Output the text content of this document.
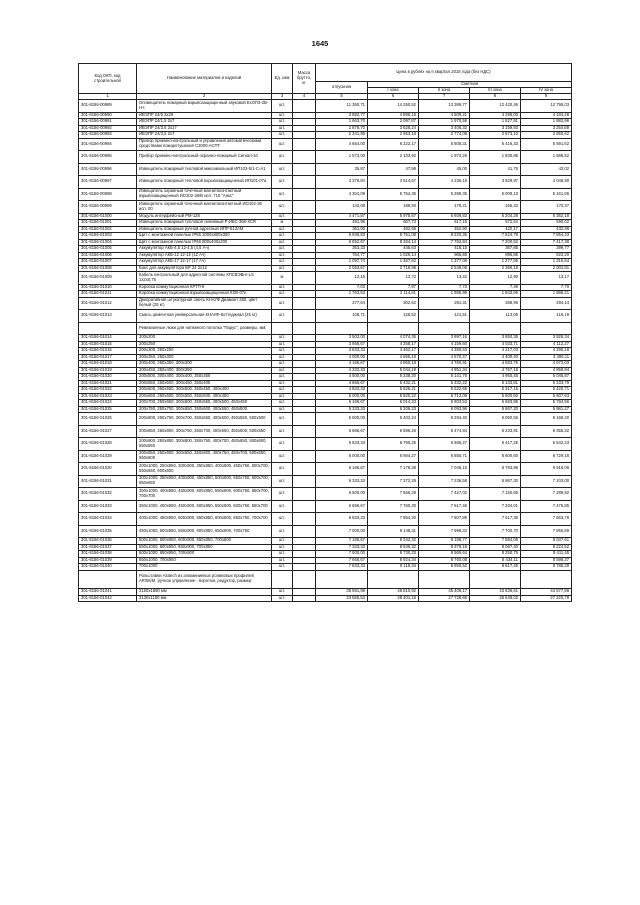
1645
Код ОКП, код строительной	Наименование материалов и изделий	Ед. изм	Масса брутто, кг	Цена в рублях на II квартал 2018 года (без НДС)				
				отпускная	Сметная			
					I зона	II зона	III зона	IV зона
1	2	3	4	5	6	7	8	9
301-8156-00989	Оповещатель пожарный взрывозащищенный звуковой ExOП3-2В-Н-t	шт.		11 360,71	14 250,52	13 389,77	12 420,46	12 795,03
301-8156-00990	ИВЭПР 24/5 2х26	шт.		3 882,77	4 896,15	4 509,21	4 296,00	4 184,48
301-8156-00991	ИВЭПР 24/1,5 2х7	шт.		1 663,70	2 097,87	1 970,58	1 827,91	1 882,96
301-8156-00992	ИВЭПР 24/3,5 2х17	шт.		2 876,70	3 628,24	3 406,32	3 159,93	3 254,69
301-8156-00993	ИВЭПР 24/3,5 2х7	шт.		2 341,95	2 953,18	2 774,08	2 573,10	2 650,62
301-8156-00994	Прибор приемно-контрольный и управления автоматическими средствами пожаротушения С2000-АСПТ	шт.		4 654,00	6 222,17	5 808,31	5 416,33	5 591,62
301-8156-00995	Прибор приемно-контрольный охранно-пожарный Сигнал-10	шт.		1 573,00	2 103,92	1 973,28	1 830,86	1 886,52
301-8156-00996	Извещатель пожарный тепловой максимальный ИП103-5/1-С-А1	шт.		35,87	47,98	45,00	41,75	43,02
301-8156-00997	Извещатель пожарный тепловой взрывозащищенный ИП101-07а	шт.		3 376,84	4 514,67	4 236,15	3 929,97	4 048,90
301-8156-00998	Извещатель охранный точечный магнитоконтактный взрывозащищенный ИО102-26/В исп. 710 "Аякс"	шт.		4 304,09	5 754,35	5 399,35	5 009,10	5 161,06
301-8156-00999	Извещатель охранный точечный магнитоконтактный ИО102-36 исп. 00	шт.		142,08	189,93	178,21	165,33	170,37
301-8156-01000	Модуль интерфейсный РМ-128	шт.		4 471,87	5 978,67	5 609,83	5 204,28	5 362,18
301-8156-01001	Извещатель пожарный тепловой линейный Р-ИБС-356-ХСR	м		491,96	657,73	617,15	572,54	590,02
301-8156-01002	Извещатель пожарный ручной адресный ИПР-513АМ	шт.		361,00	482,66	452,90	420,17	432,99
301-8156-01003	Щит с монтажной панелью IP65 1000х800х300	шт.		6 939,83	8 751,08	8 220,36	7 624,79	7 854,43
301-8156-01004	Щит с монтажной панелью IP66 800х400х200	шт.		6 552,67	8 264,14	7 762,94	7 200,52	7 417,38
301-8156-01005	Аккумулятор АКБ-4,5 12-4,5 (4,5 Ач)	шт.		353,33	445,63	418,15	387,85	399,77
301-8156-01006	Аккумулятор АКБ-12 12-12 (12 Ач)	шт.		764,77	1 029,14	965,65	895,86	923,20
301-8156-01007	Аккумулятор АКБ-17 12-17 (17 Ач)	шт.		1 097,74	1 467,62	1 377,08	1 277,55	1 316,54
301-8156-01008	Бокс для аккумулятора БР 24 2х12	шт.		2 053,67	2 718,98	2 549,06	2 366,19	2 002,81
301-8156-01009	Кабель контрольный для адресной системы КПСВЭВнг-LS 1х2х0,75	м		12,15	13,72	13,42	12,90	13,17
301-8156-01010	Коробка коммутационная КРТП-8	шт.		7,03	7,87	7,73	7,49	7,70
301-8156-01011	Коробка коммутационная взрывозащищенная КХВ-07е	шт.		1 763,53	2 114,61	1 986,99	1 843,65	1 898,21
301-8156-01012	Декоративная штукатурная смесь КНАУФ Диамант 260, цвет белый (25 кг)	шт.		277,64	302,62	291,31	288,95	294,14
301-8156-01013	Смесь цементная универсальная КНАУФ-Коттеджная (25 кг)	шт.		108,71	128,52	121,51	113,06	116,19
	Ревизионные люки для натяжного потолка "Парус", размеры, мм:							
301-8156-01014	200х200	шт.		3 503,00	4 074,35	3 997,16	3 850,35	3 926,34
301-8156-01015	200х250	шт.		3 666,67	4 258,17	4 159,60	4 033,71	4 112,27
301-8156-01016	200х300, 250х250	шт.		3 833,33	4 462,17	4 380,63	4 217,03	4 299,18
301-8156-01017	200х350, 250х300	шт.		4 000,00	4 656,18	4 570,47	4 400,40	4 486,11
301-8156-01018	200х400, 250х350, 300х300	шт.		4 166,67	4 850,18	4 760,91	4 583,76	4 673,03
301-8156-01019	200х450, 250х400, 300х350	шт.		4 333,33	5 044,19	4 951,34	4 767,18	4 859,94
301-8156-01020	200х500, 300х400, 300х400, 350х350	шт.		4 500,00	5 238,20	5 141,78	4 950,45	5 046,87
301-8156-01021	200х550, 250х500, 300х450, 350х400	шт.		4 666,67	5 432,21	5 332,22	5 133,81	5 233,79
301-8156-01022	200х600, 250х550, 300х500, 350х450, 400х400	шт.		4 833,33	5 626,21	5 522,65	5 317,15	5 420,71
301-8156-01023	200х650, 250х600, 300х550, 350х500, 400х450	шт.		5 000,00	5 820,22	5 713,09	5 500,50	5 607,63
301-8156-01024	200х700, 250х650, 300х600, 350х550, 400х500, 450х450	шт.		5 166,67	6 014,23	5 903,53	5 683,86	5 794,56
301-8156-01025	200х750, 250х700, 300х650, 350х600, 400х550, 450х500	шт.		5 333,33	6 208,23	6 093,96	5 867,20	5 981,47
301-8156-01026	200х800, 250х750, 300х700, 350х650, 400х600, 450х550, 500х500	шт.		5 500,00	6 402,24	6 284,40	6 050,55	6 168,40
301-8156-01027	200х850, 250х800, 300х750, 350х700, 400х650, 450х600, 500х550	шт.		5 666,67	6 596,25	6 474,84	6 233,91	6 355,32
301-8156-01028	200х900, 250х850, 300х800, 350х750, 400х700, 450х650, 500х600, 550х550	шт.		5 833,33	6 790,25	6 665,27	6 417,25	6 542,23
301-8156-01029	200х950, 250х900, 300х850, 350х800, 400х750, 450х700, 500х650, 550х600	шт.		6 000,00	6 984,27	6 855,71	6 600,60	6 729,16
301-8156-01030	200х1000, 250х950, 300х900, 350х850, 400х800, 450х750, 500х700, 550х650, 600х600	шт.		6 166,67	7 178,28	7 046,15	6 783,96	6 916,08
301-8156-01031	300х1000, 350х950, 400х900, 450х850, 500х800, 550х750, 600х700, 650х650	шт.		6 333,33	7 372,28	7 236,58	6 967,30	7 103,00
301-8156-01032	350х1000, 400х950, 450х900, 500х850, 550х800, 600х750, 650х700, 700х700	шт.		6 500,00	7 566,29	7 427,02	7 150,65	7 289,92
301-8156-01033	350х1000, 400х950, 450х900, 500х850, 550х800, 600х750, 650х700	шт.		6 666,67	7 760,30	7 617,46	7 334,01	7 476,85
301-8156-01034	400х1000, 450х950, 500х900, 550х850, 600х800, 650х750, 700х700	шт.		6 833,33	7 954,30	7 807,89	7 517,35	7 663,76
301-8156-01035	450х1000, 500х950, 550х900, 600х850, 650х800, 700х750	шт.		7 000,00	8 148,31	7 998,33	7 700,70	7 850,69
301-8156-01036	500х1000, 550х950, 600х900, 650х850, 700х800	шт.		7 166,67	8 342,32	8 188,77	7 884,06	8 037,61
301-8156-01037	550х1000, 600х950, 650х900, 700х850	шт.		7 333,33	8 536,32	8 379,19	8 067,40	8 224,52
301-8156-01038	600х1000, 650х950, 700х900	шт.		7 500,00	8 730,33	8 569,64	8 250,75	8 411,45
301-8156-01039	650х1000, 700х950	шт.		7 666,67	8 924,34	8 760,08	8 434,11	8 598,37
301-8156-01040	700х1000	шт.		7 833,33	9 118,34	8 950,52	8 617,45	8 785,29
	Рольставни Alutech из алюминиевых роликовых профилей AR/55/M, ручное управление - воротом, редуктор, размер:							
301-8156-01041	3150х1680 мм	шт.		38 591,98	46 510,92	45 408,17	43 636,61	44 577,88
301-8156-01042	3130х1180 мм	шт.		23 565,54	28 401,18	27 728,68	26 648,02	27 220,79
